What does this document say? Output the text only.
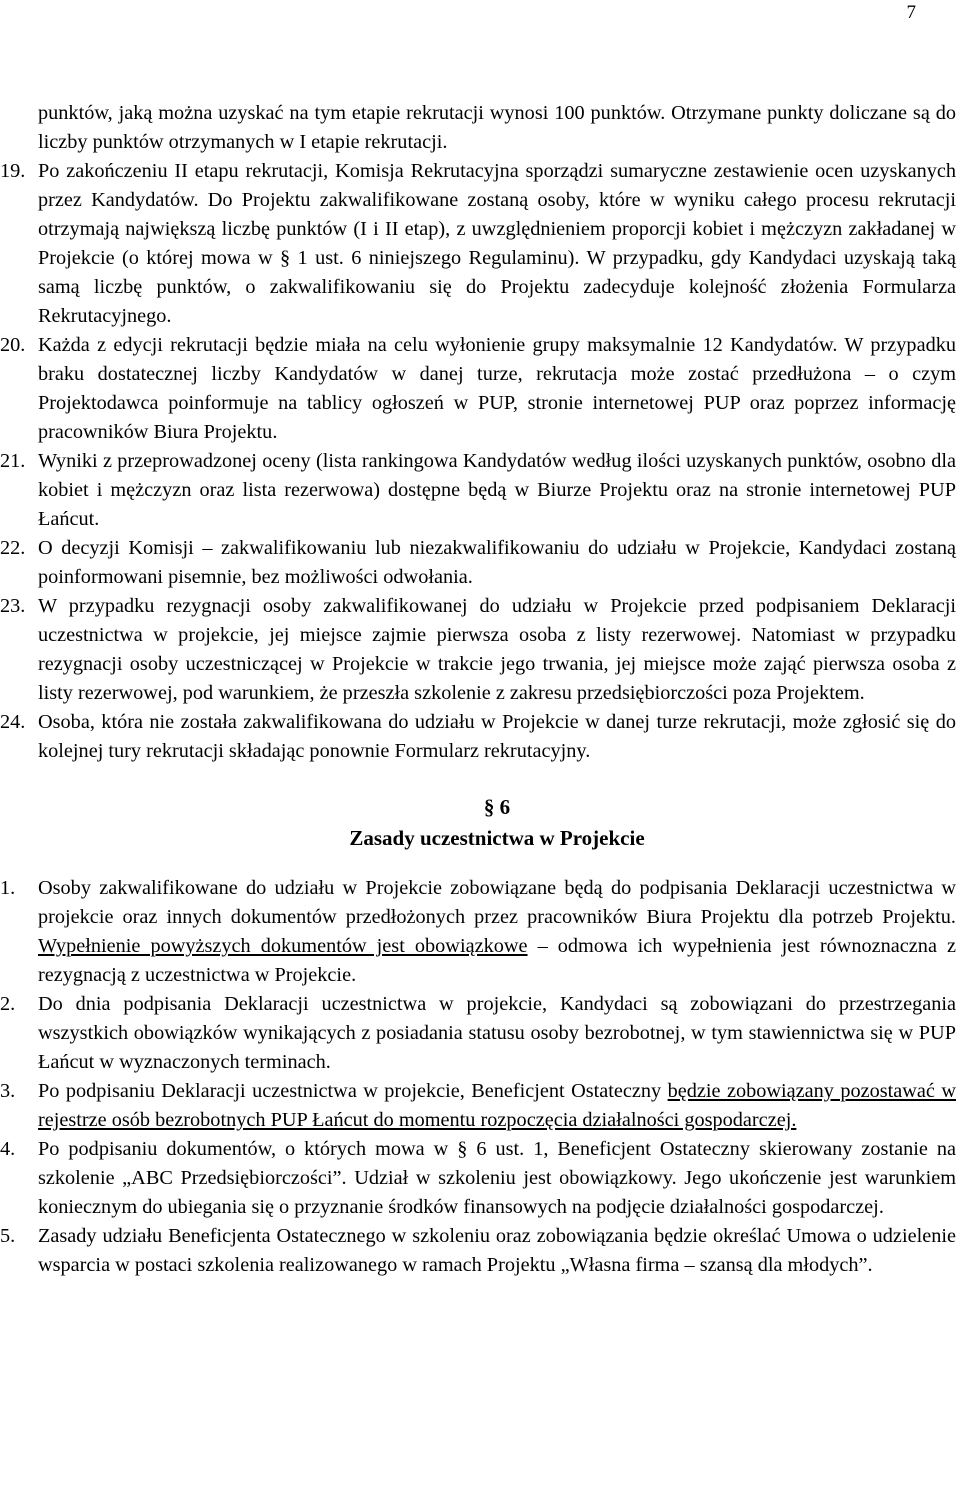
7

punktów, jaką można uzyskać na tym etapie rekrutacji wynosi 100 punktów. Otrzymane punkty doliczane są do liczby punktów otrzymanych w I etapie rekrutacji.

19. Po zakończeniu II etapu rekrutacji, Komisja Rekrutacyjna sporządzi sumaryczne zestawienie ocen uzyskanych przez Kandydatów. Do Projektu zakwalifikowane zostaną osoby, które w wyniku całego procesu rekrutacji otrzymają największą liczbę punktów (I i II etap), z uwzględnieniem proporcji kobiet i mężczyzn zakładanej w Projekcie (o której mowa w § 1 ust. 6 niniejszego Regulaminu). W przypadku, gdy Kandydaci uzyskają taką samą liczbę punktów, o zakwalifikowaniu się do Projektu zadecyduje kolejność złożenia Formularza Rekrutacyjnego.
20. Każda z edycji rekrutacji będzie miała na celu wyłonienie grupy maksymalnie 12 Kandydatów. W przypadku braku dostatecznej liczby Kandydatów w danej turze, rekrutacja może zostać przedłużona – o czym Projektodawca poinformuje na tablicy ogłoszeń w PUP, stronie internetowej PUP oraz poprzez informację pracowników Biura Projektu.
21. Wyniki z przeprowadzonej oceny (lista rankingowa Kandydatów według ilości uzyskanych punktów, osobno dla kobiet i mężczyzn oraz lista rezerwowa) dostępne będą w Biurze Projektu oraz na stronie internetowej PUP Łańcut.
22. O decyzji Komisji – zakwalifikowaniu lub niezakwalifikowaniu do udziału w Projekcie, Kandydaci zostaną poinformowani pisemnie, bez możliwości odwołania.
23. W przypadku rezygnacji osoby zakwalifikowanej do udziału w Projekcie przed podpisaniem Deklaracji uczestnictwa w projekcie, jej miejsce zajmie pierwsza osoba z listy rezerwowej. Natomiast w przypadku rezygnacji osoby uczestniczącej w Projekcie w trakcie jego trwania, jej miejsce może zająć pierwsza osoba z listy rezerwowej, pod warunkiem, że przeszła szkolenie z zakresu przedsiębiorczości poza Projektem.
24. Osoba, która nie została zakwalifikowana do udziału w Projekcie w danej turze rekrutacji, może zgłosić się do kolejnej tury rekrutacji składając ponownie Formularz rekrutacyjny.
§ 6
Zasady uczestnictwa w Projekcie
1. Osoby zakwalifikowane do udziału w Projekcie zobowiązane będą do podpisania Deklaracji uczestnictwa w projekcie oraz innych dokumentów przedłożonych przez pracowników Biura Projektu dla potrzeb Projektu. Wypełnienie powyższych dokumentów jest obowiązkowe – odmowa ich wypełnienia jest równoznaczna z rezygnacją z uczestnictwa w Projekcie.
2. Do dnia podpisania Deklaracji uczestnictwa w projekcie, Kandydaci są zobowiązani do przestrzegania wszystkich obowiązków wynikających z posiadania statusu osoby bezrobotnej, w tym stawiennictwa się w PUP Łańcut w wyznaczonych terminach.
3. Po podpisaniu Deklaracji uczestnictwa w projekcie, Beneficjent Ostateczny będzie zobowiązany pozostawać w rejestrze osób bezrobotnych PUP Łańcut do momentu rozpoczęcia działalności gospodarczej.
4. Po podpisaniu dokumentów, o których mowa w § 6 ust. 1, Beneficjent Ostateczny skierowany zostanie na szkolenie „ABC Przedsiębiorczości”. Udział w szkoleniu jest obowiązkowy. Jego ukończenie jest warunkiem koniecznym do ubiegania się o przyznanie środków finansowych na podjęcie działalności gospodarczej.
5. Zasady udziału Beneficjenta Ostatecznego w szkoleniu oraz zobowiązania będzie określać Umowa o udzielenie wsparcia w postaci szkolenia realizowanego w ramach Projektu „Własna firma – szansą dla młodych”.
